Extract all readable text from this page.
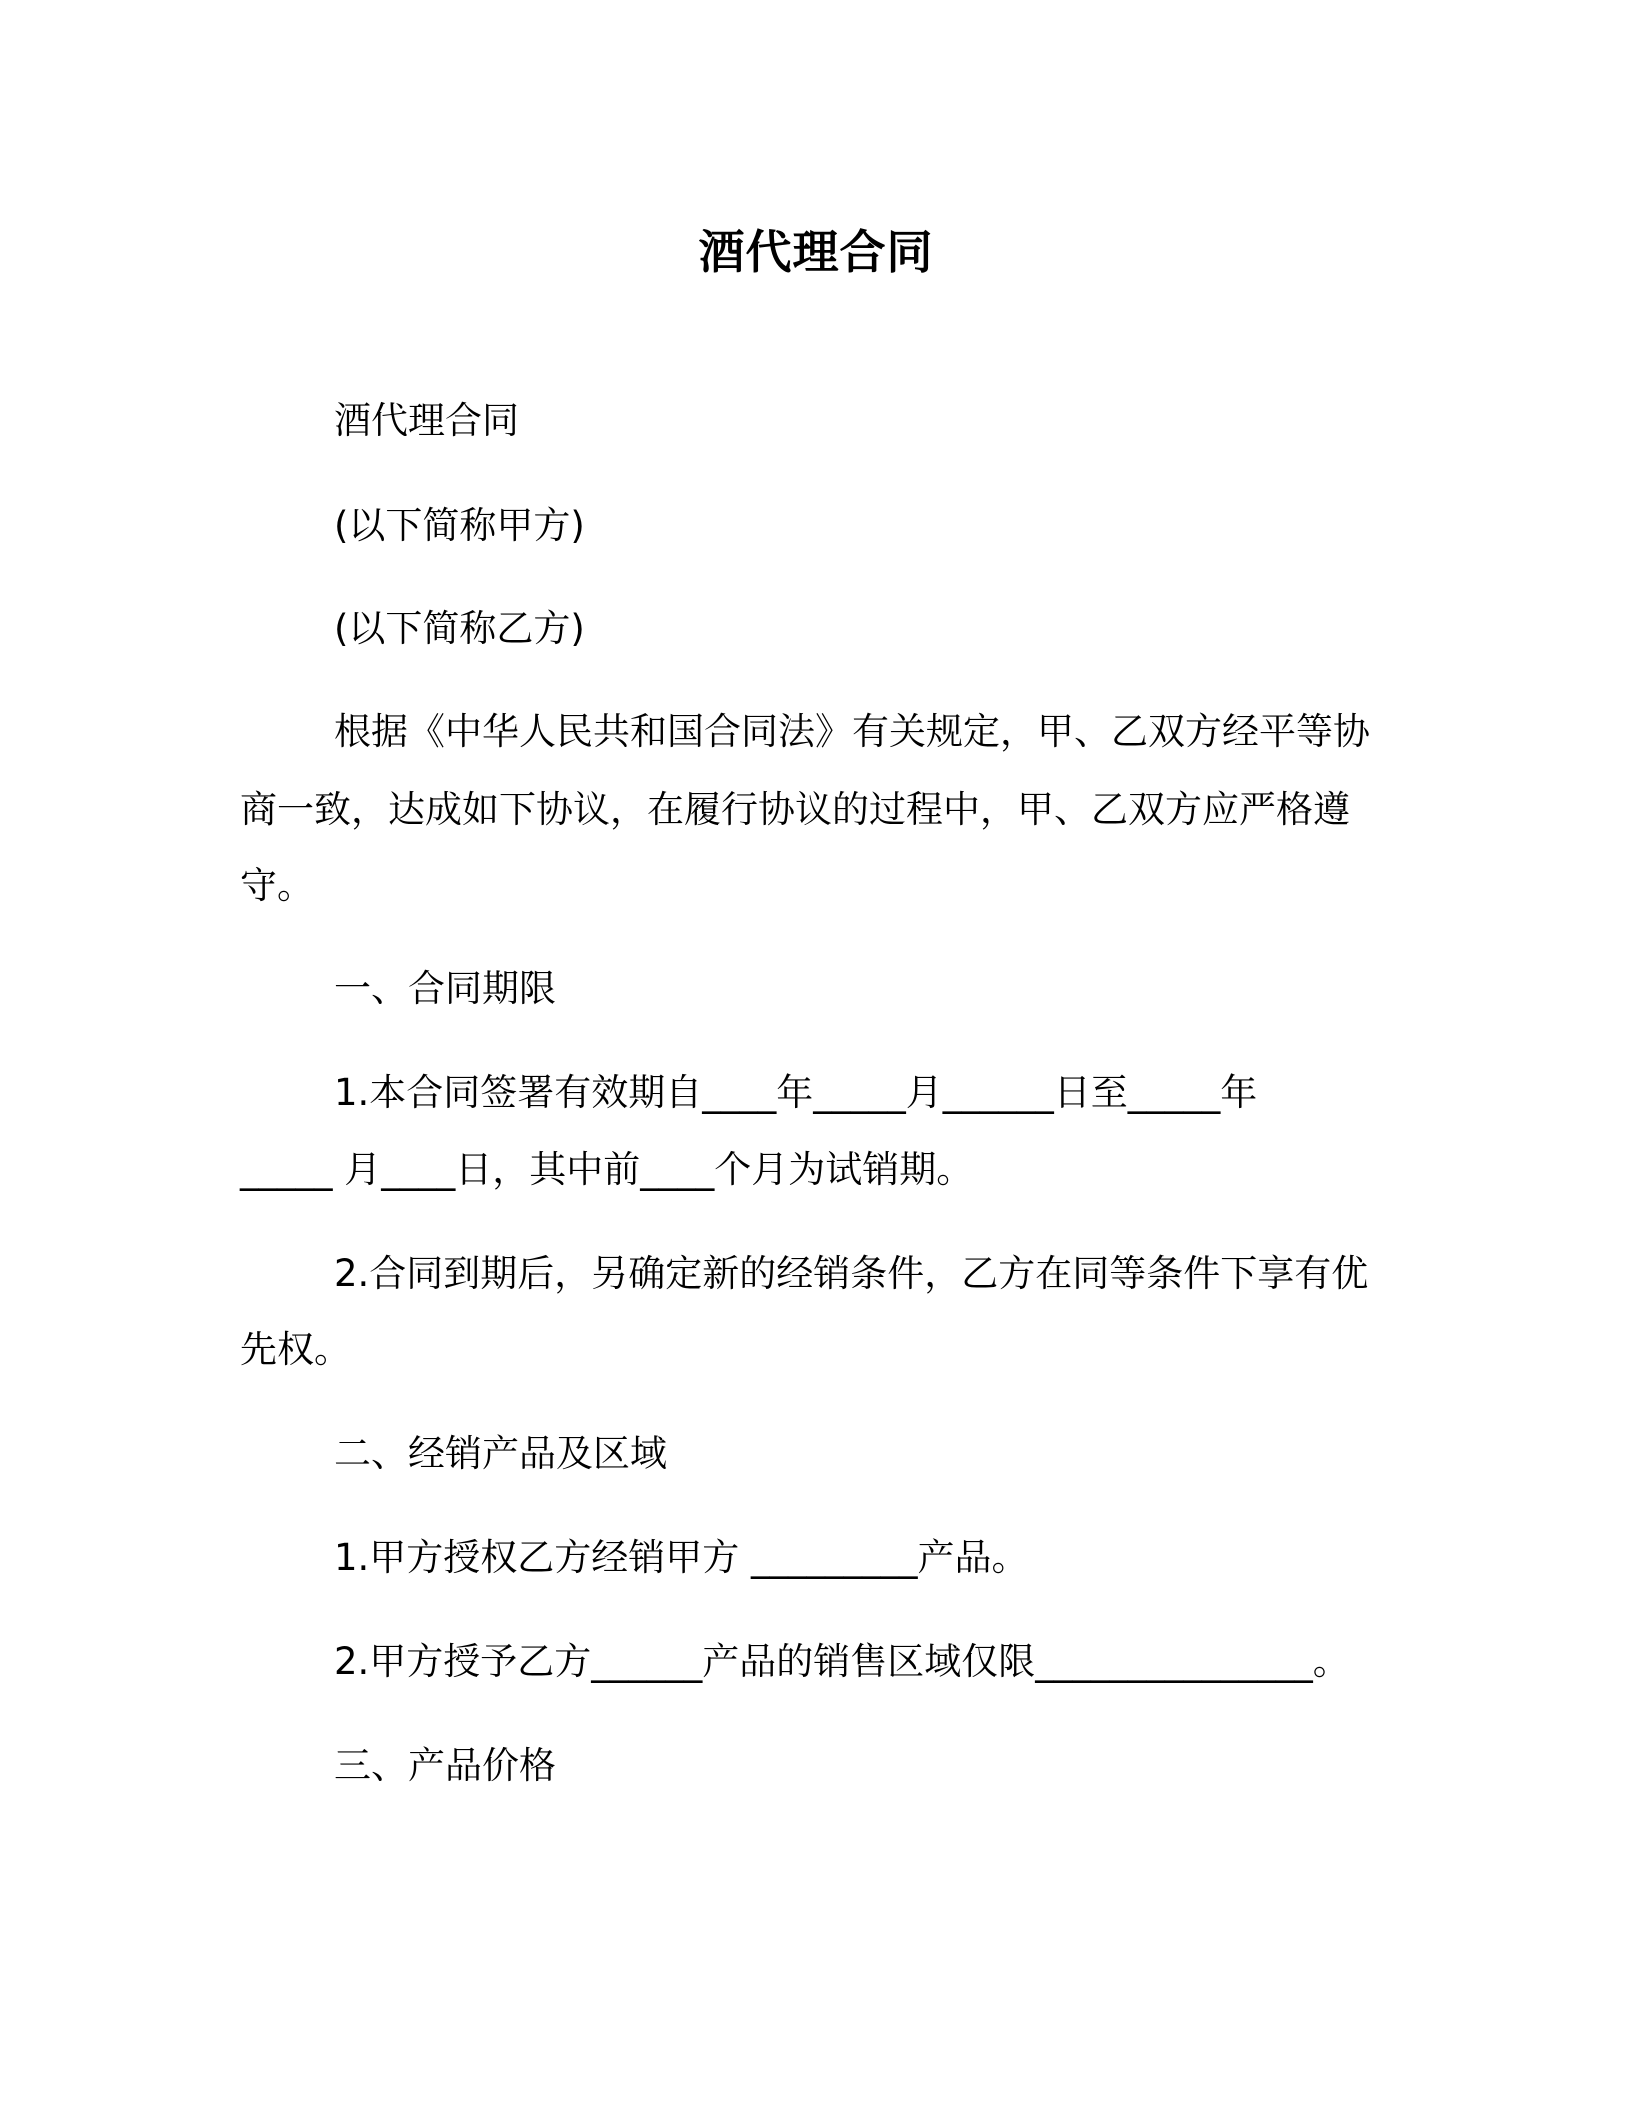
酒代理合同
酒代理合同
(以下简称甲方)
(以下简称乙方)
根据《中华人民共和国合同法》有关规定，甲、乙双方经平等协
商一致，达成如下协议，在履行协议的过程中，甲、乙双方应严格遵
守。
一、合同期限
1.本合同签署有效期自____年_____月______日至_____年
_____ 月____日，其中前____个月为试销期。
2.合同到期后，另确定新的经销条件，乙方在同等条件下享有优
先权。
二、经销产品及区域
1.甲方授权乙方经销甲方 _________产品。
2.甲方授予乙方______产品的销售区域仅限_______________。
三、产品价格
